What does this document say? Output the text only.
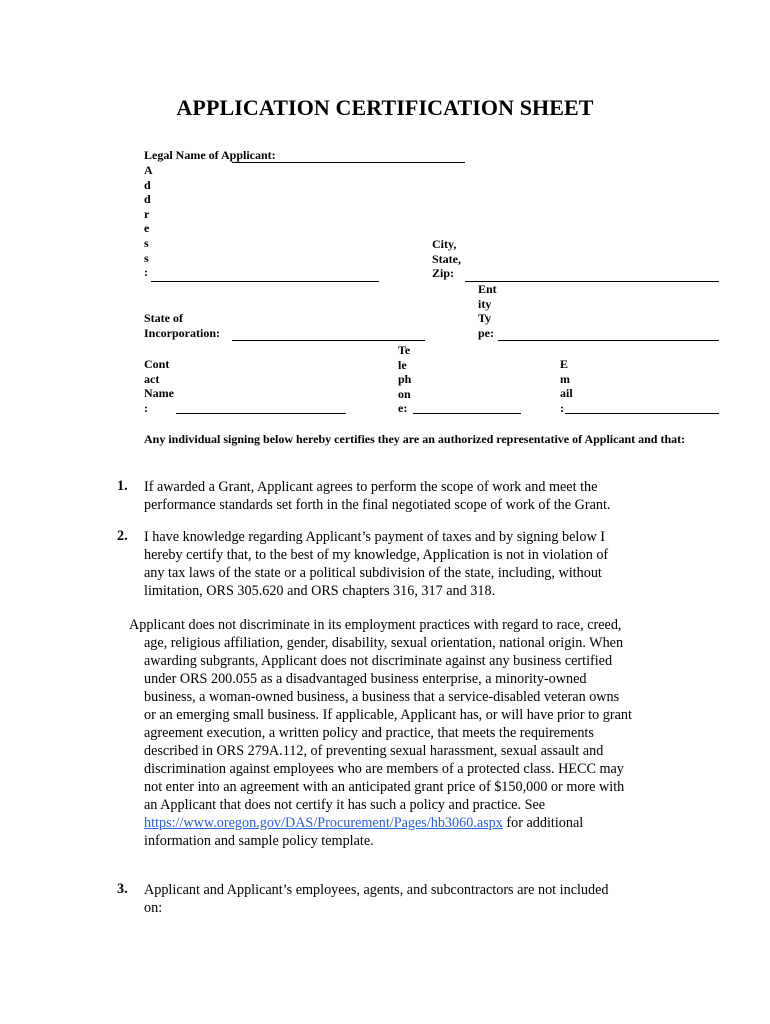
APPLICATION CERTIFICATION SHEET
Legal Name of Applicant:
A
d
d
r
e
s
s
:
City,
State,
Zip:
State of
Incorporation:
Ent
ity
Ty
pe:
Cont
act
Name
:
Te
le
ph
on
e:
E
m
ail
:
Any individual signing below hereby certifies they are an authorized representative of Applicant and that:
1. If awarded a Grant, Applicant agrees to perform the scope of work and meet the performance standards set forth in the final negotiated scope of work of the Grant.
2. I have knowledge regarding Applicant’s payment of taxes and by signing below I hereby certify that, to the best of my knowledge, Application is not in violation of any tax laws of the state or a political subdivision of the state, including, without limitation, ORS 305.620 and ORS chapters 316, 317 and 318.
Applicant does not discriminate in its employment practices with regard to race, creed, age, religious affiliation, gender, disability, sexual orientation, national origin. When awarding subgrants, Applicant does not discriminate against any business certified under ORS 200.055 as a disadvantaged business enterprise, a minority-owned business, a woman-owned business, a business that a service-disabled veteran owns or an emerging small business. If applicable, Applicant has, or will have prior to grant agreement execution, a written policy and practice, that meets the requirements described in ORS 279A.112, of preventing sexual harassment, sexual assault and discrimination against employees who are members of a protected class. HECC may not enter into an agreement with an anticipated grant price of $150,000 or more with an Applicant that does not certify it has such a policy and practice. See https://www.oregon.gov/DAS/Procurement/Pages/hb3060.aspx for additional information and sample policy template.
3. Applicant and Applicant’s employees, agents, and subcontractors are not included on:
